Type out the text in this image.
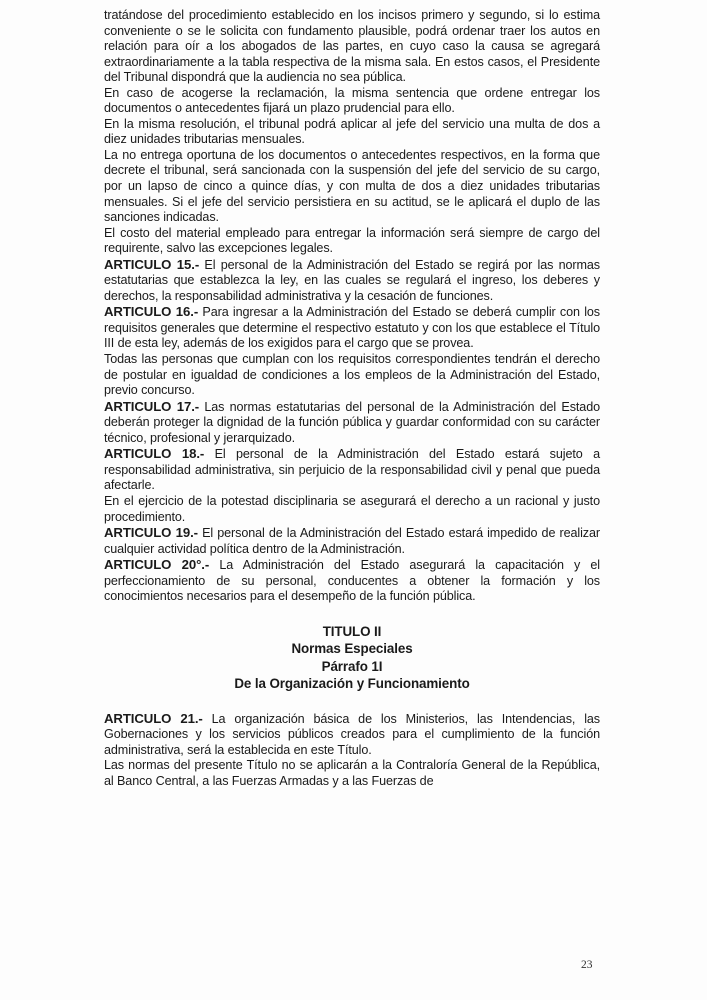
tratándose del procedimiento establecido en los incisos primero y segundo, si lo estima conveniente o se le solicita con fundamento plausible, podrá ordenar traer los autos en relación para oír a los abogados de las partes, en cuyo caso la causa se agregará extraordinariamente a la tabla respectiva de la misma sala. En estos casos, el Presidente del Tribunal dispondrá que la audiencia no sea pública.

En caso de acogerse la reclamación, la misma sentencia que ordene entregar los documentos o antecedentes fijará un plazo prudencial para ello.

En la misma resolución, el tribunal podrá aplicar al jefe del servicio una multa de dos a diez unidades tributarias mensuales.

La no entrega oportuna de los documentos o antecedentes respectivos, en la forma que decrete el tribunal, será sancionada con la suspensión del jefe del servicio de su cargo, por un lapso de cinco a quince días, y con multa de dos a diez unidades tributarias mensuales. Si el jefe del servicio persistiera en su actitud, se le aplicará el duplo de las sanciones indicadas.

El costo del material empleado para entregar la información será siempre de cargo del requirente, salvo las excepciones legales.

ARTICULO 15.- El personal de la Administración del Estado se regirá por las normas estatutarias que establezca la ley, en las cuales se regulará el ingreso, los deberes y derechos, la responsabilidad administrativa y la cesación de funciones.

ARTICULO 16.- Para ingresar a la Administración del Estado se deberá cumplir con los requisitos generales que determine el respectivo estatuto y con los que establece el Título III de esta ley, además de los exigidos para el cargo que se provea.

Todas las personas que cumplan con los requisitos correspondientes tendrán el derecho de postular en igualdad de condiciones a los empleos de la Administración del Estado, previo concurso.

ARTICULO 17.- Las normas estatutarias del personal de la Administración del Estado deberán proteger la dignidad de la función pública y guardar conformidad con su carácter técnico, profesional y jerarquizado.

ARTICULO 18.- El personal de la Administración del Estado estará sujeto a responsabilidad administrativa, sin perjuicio de la responsabilidad civil y penal que pueda afectarle.

En el ejercicio de la potestad disciplinaria se asegurará el derecho a un racional y justo procedimiento.

ARTICULO 19.- El personal de la Administración del Estado estará impedido de realizar cualquier actividad política dentro de la Administración.

ARTICULO 20°.- La Administración del Estado asegurará la capacitación y el perfeccionamiento de su personal, conducentes a obtener la formación y los conocimientos necesarios para el desempeño de la función pública.

TITULO II
Normas Especiales
Párrafo 1I
De la Organización y Funcionamiento

ARTICULO 21.- La organización básica de los Ministerios, las Intendencias, las Gobernaciones y los servicios públicos creados para el cumplimiento de la función administrativa, será la establecida en este Título.

Las normas del presente Título no se aplicarán a la Contraloría General de la República, al Banco Central, a las Fuerzas Armadas y a las Fuerzas de

23
